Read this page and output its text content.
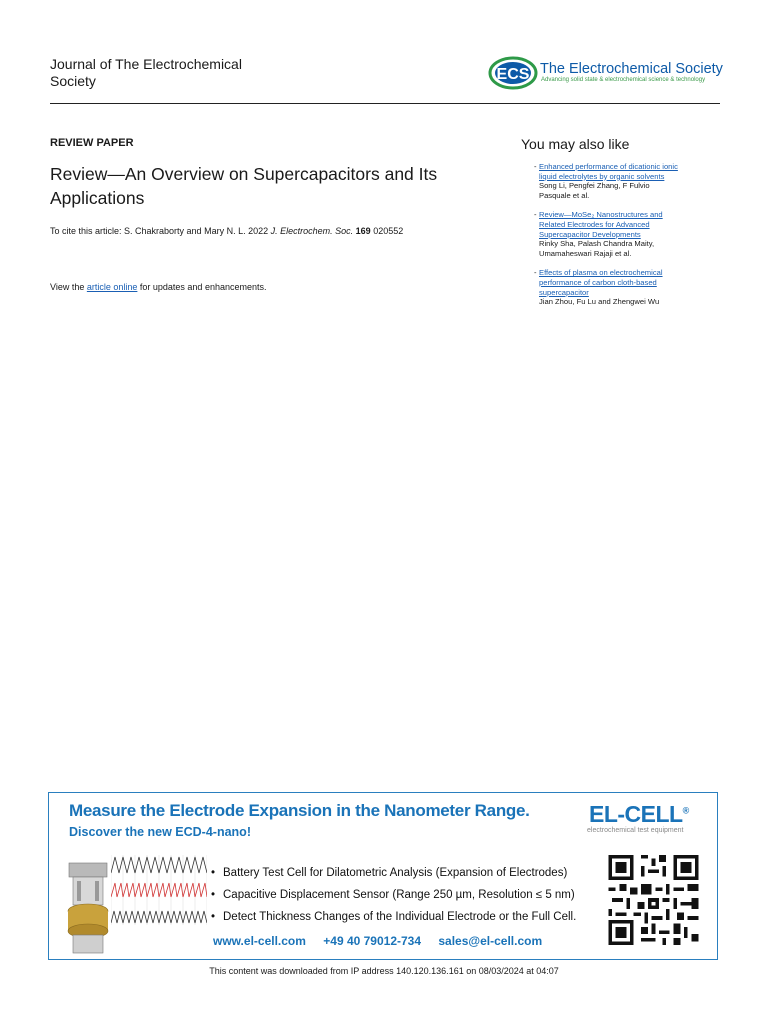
Journal of The Electrochemical
Society	ECS The Electrochemical Society
Advancing solid state & electrochemical science & technology
REVIEW PAPER
Review—An Overview on Supercapacitors and Its Applications
To cite this article: S. Chakraborty and Mary N. L. 2022 J. Electrochem. Soc. 169 020552
View the article online for updates and enhancements.
You may also like
- Enhanced performance of dicationic ionic
liquid electrolytes by organic solvents
Song Li, Pengfei Zhang, F Fulvio
Pasquale et al.
- Review—MoSe₂ Nanostructures and
Related Electrodes for Advanced
Supercapacitor Developments
Rinky Sha, Palash Chandra Maity,
Umamaheswari Rajaji et al.
- Effects of plasma on electrochemical
performance of carbon cloth-based
supercapacitor
Jian Zhou, Fu Lu and Zhengwei Wu
Measure the Electrode Expansion in the Nanometer Range.
Discover the new ECD-4-nano!
EL-CELL®
electrochemical test equipment
• Battery Test Cell for Dilatometric Analysis (Expansion of Electrodes)
• Capacitive Displacement Sensor (Range 250 µm, Resolution ≤ 5 nm)
• Detect Thickness Changes of the Individual Electrode or the Full Cell.
www.el-cell.com +49 40 79012-734 sales@el-cell.com
This content was downloaded from IP address 140.120.136.161 on 08/03/2024 at 04:07
